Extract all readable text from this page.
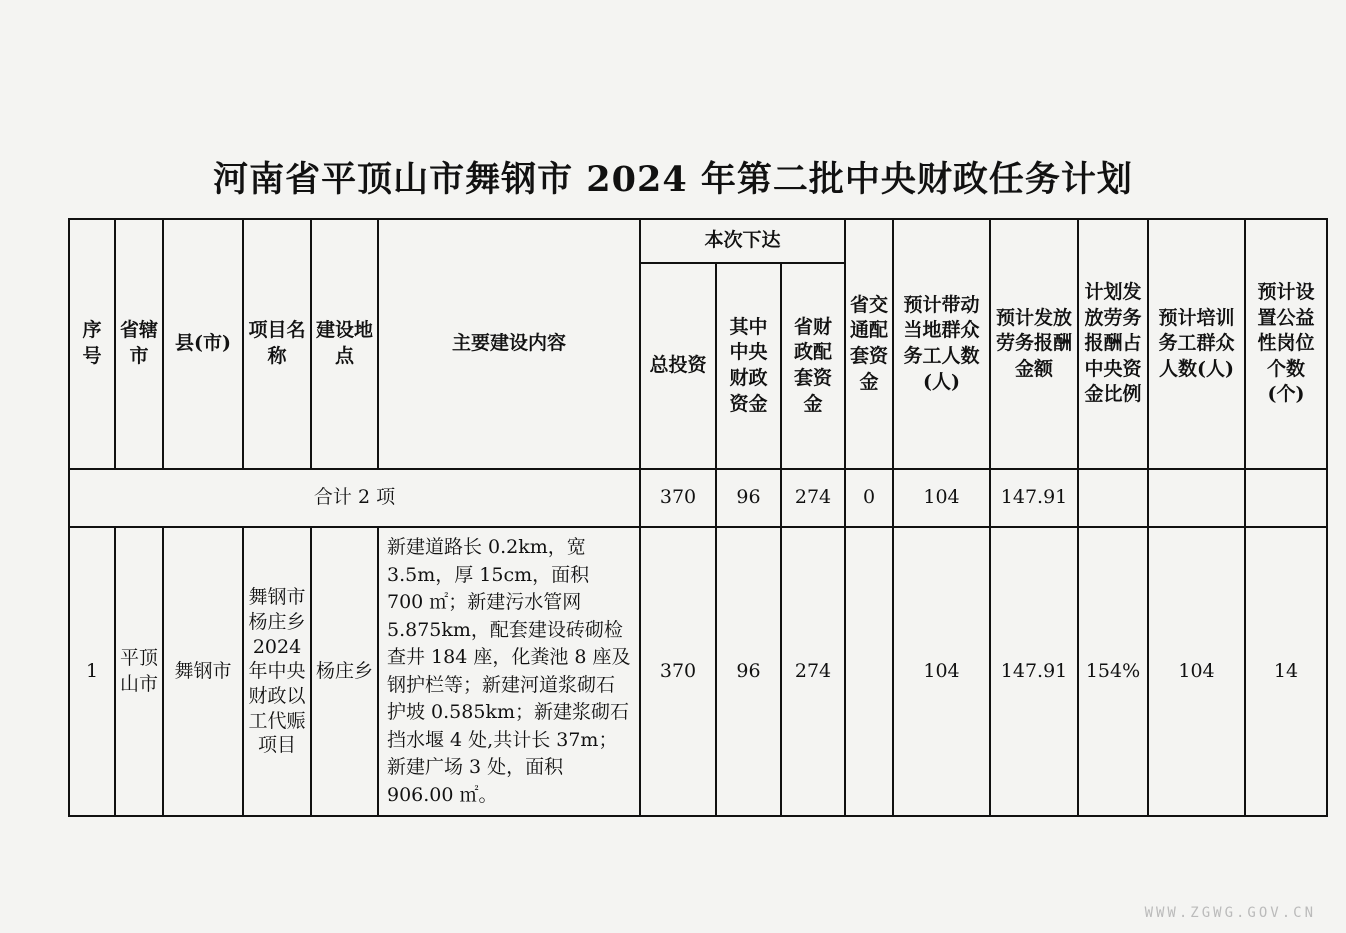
河南省平顶山市舞钢市 2024 年第二批中央财政任务计划
序号	省辖市	县(市)	项目名称	建设地点	主要建设内容	本次下达			省交通配套资金	预计带动当地群众务工人数(人)	预计发放劳务报酬金额	计划发放劳务报酬占中央资金比例	预计培训务工群众人数(人)	预计设置公益性岗位个数(个)
						总投资	其中中央财政资金	省财政配套资金						
合计 2 项						370	96	274	0	104	147.91			
1	平顶山市	舞钢市	舞钢市杨庄乡2024年中央财政以工代赈项目	杨庄乡	新建道路长 0.2km，宽 3.5m，厚 15cm，面积 700 ㎡；新建污水管网 5.875km，配套建设砖砌检查井 184 座，化粪池 8 座及钢护栏等；新建河道浆砌石护坡 0.585km；新建浆砌石挡水堰 4 处,共计长 37m；新建广场 3 处，面积 906.00 ㎡。	370	96	274		104	147.91	154%	104	14
WWW.ZGWG.GOV.CN
